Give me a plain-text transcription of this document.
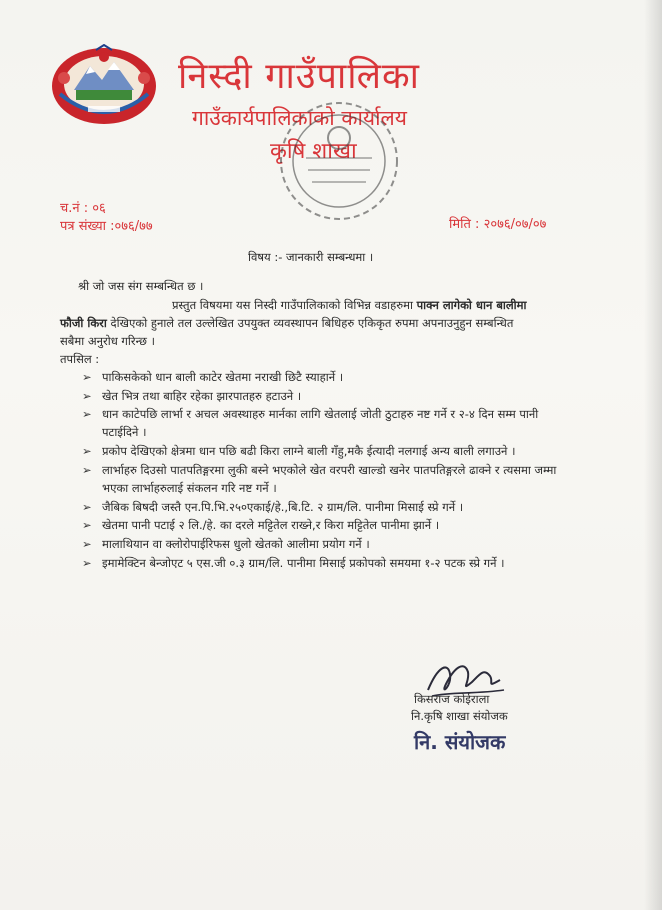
निस्दी गाउँपालिका
गाउँकार्यपालिकाको कार्यालय
कृषि शाखा
च.नं : ०६
पत्र संख्या :०७६/७७	मिति : २०७६/०७/०७
विषय :- जानकारी सम्बन्धमा ।
श्री जो जस संग सम्बन्धित छ ।
प्रस्तुत विषयमा यस निस्दी गाउँपालिकाको विभिन्न वडाहरुमा पाक्न लागेको धान बालीमा
फौजी किरा देखिएको हुनाले तल उल्लेखित उपयुक्त व्यवस्थापन बिधिहरु एकिकृत रुपमा अपनाउनुहुन सम्बन्धित
सबैमा अनुरोध गरिन्छ ।
तपसिल :
➢ पाकिसकेको धान बाली काटेर खेतमा नराखी छिटै स्याहार्ने ।
➢ खेत भित्र तथा बाहिर रहेका झारपातहरु हटाउने ।
➢ धान काटेपछि लार्भा र अचल अवस्थाहरु मार्नका लागि खेतलाई जोती ठुटाहरु नष्ट गर्ने र २-४ दिन सम्म पानी पटाईदिने ।
➢ प्रकोप देखिएको क्षेत्रमा धान पछि बढी किरा लाग्ने बाली गँहु,मकै ईत्यादी नलगाई अन्य बाली लगाउने ।
➢ लार्भाहरु दिउसो पातपतिङ्गरमा लुकी बस्ने भएकोले खेत वरपरी खाल्डो खनेर पातपतिङ्गरले ढाक्ने र त्यसमा जम्मा भएका लार्भाहरुलाई संकलन गरि नष्ट गर्ने ।
➢ जैबिक बिषदी जस्तै एन.पि.भि.२५०एकाई/हे.,बि.टि. २ ग्राम/लि. पानीमा मिसाई स्प्रे गर्ने ।
➢ खेतमा पानी पटाई २ लि./हे. का दरले मट्टितेल राख्ने,र किरा मट्टितेल पानीमा झार्ने ।
➢ मालाथियान वा क्लोरोपाईरिफस धुलो खेतको आलीमा प्रयोग गर्ने ।
➢ इमामेक्टिन बेन्जोएट ५ एस.जी ०.३ ग्राम/लि. पानीमा मिसाई प्रकोपको समयमा १-२ पटक स्प्रे गर्ने ।
किसराज कोईराला
नि.कृषि शाखा संयोजक
नि. संयोजक
